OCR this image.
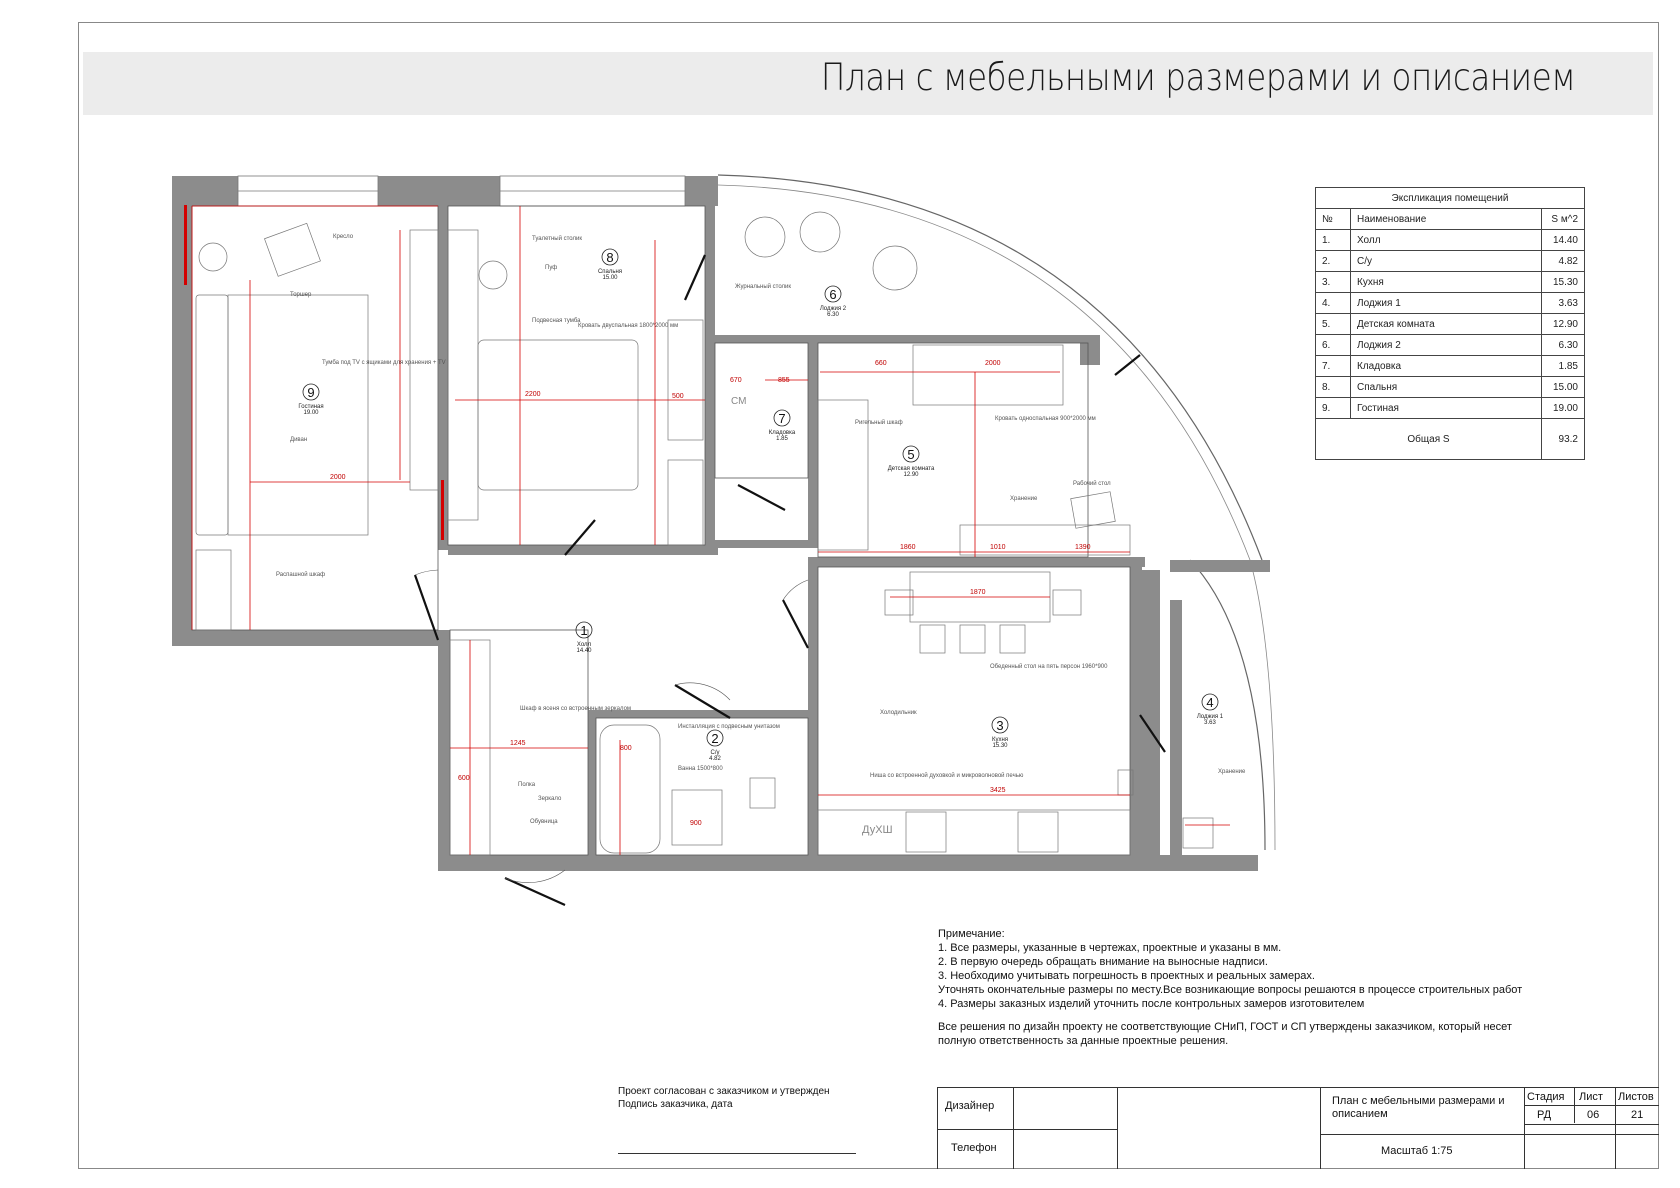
План с мебельными размерами и описанием
2000
2200
1860	1010	1390
1870
3425
1245
800
900
660	2000
670	855
500
600
1
Холл
14.40
2
С/у
4.82
3
Кухня
15.30
4
Лоджия 1
3.63
5
Детская комната
12.90
6
Лоджия 2
6.30
7
Кладовка
1.85
8
Спальня
15.00
9
Гостиная
19.00
Кресло
Торшер
Диван
Распашной шкаф
Тумба под TV с ящиками для хранения + TV
Туалетный столик
Пуф
Подвесная тумба
Кровать двуспальная 1800*2000 мм
Ригельный шкаф
Кровать односпальная 900*2000 мм
Рабочий стол
Хранение
Журнальный столик
Обеденный стол на пять персон 1960*900
Холодильник
Ниша со встроенной духовкой и микроволновой печью
Ванна 1500*800
Шкаф в ясеня со встроенным зеркалом
Зеркало
Обувница
Полка
Хранение
Инсталляция с подвесным унитазом
СМ
ДуХШ
Экспликация помещений		
№	Наименование	S м^2
1.	Холл	14.40
2.	С/у	4.82
3.	Кухня	15.30
4.	Лоджия 1	3.63
5.	Детская комната	12.90
6.	Лоджия 2	6.30
7.	Кладовка	1.85
8.	Спальня	15.00
9.	Гостиная	19.00
Общая S		93.2

Примечание:

1. Все размеры, указанные в чертежах, проектные и указаны в мм.

2. В первую очередь обращать внимание на выносные надписи.

3. Необходимо учитывать погрешность в проектных и реальных замерах.

Уточнять окончательные размеры по месту.Все возникающие вопросы решаются в процессе строительных работ

4. Размеры заказных изделий уточнить после контрольных замеров изготовителем

Все решения по дизайн проекту не соответствующие СНиП, ГОСТ и СП утверждены заказчиком, который несет

полную ответственность за данные проектные решения.

Проект согласован с заказчиком и утвержден

Подпись заказчика, дата	Дизайнер
Телефон
План с мебельными размерами и описанием
Масштаб 1:75
Стадия Лист Листов
РД	06	21
